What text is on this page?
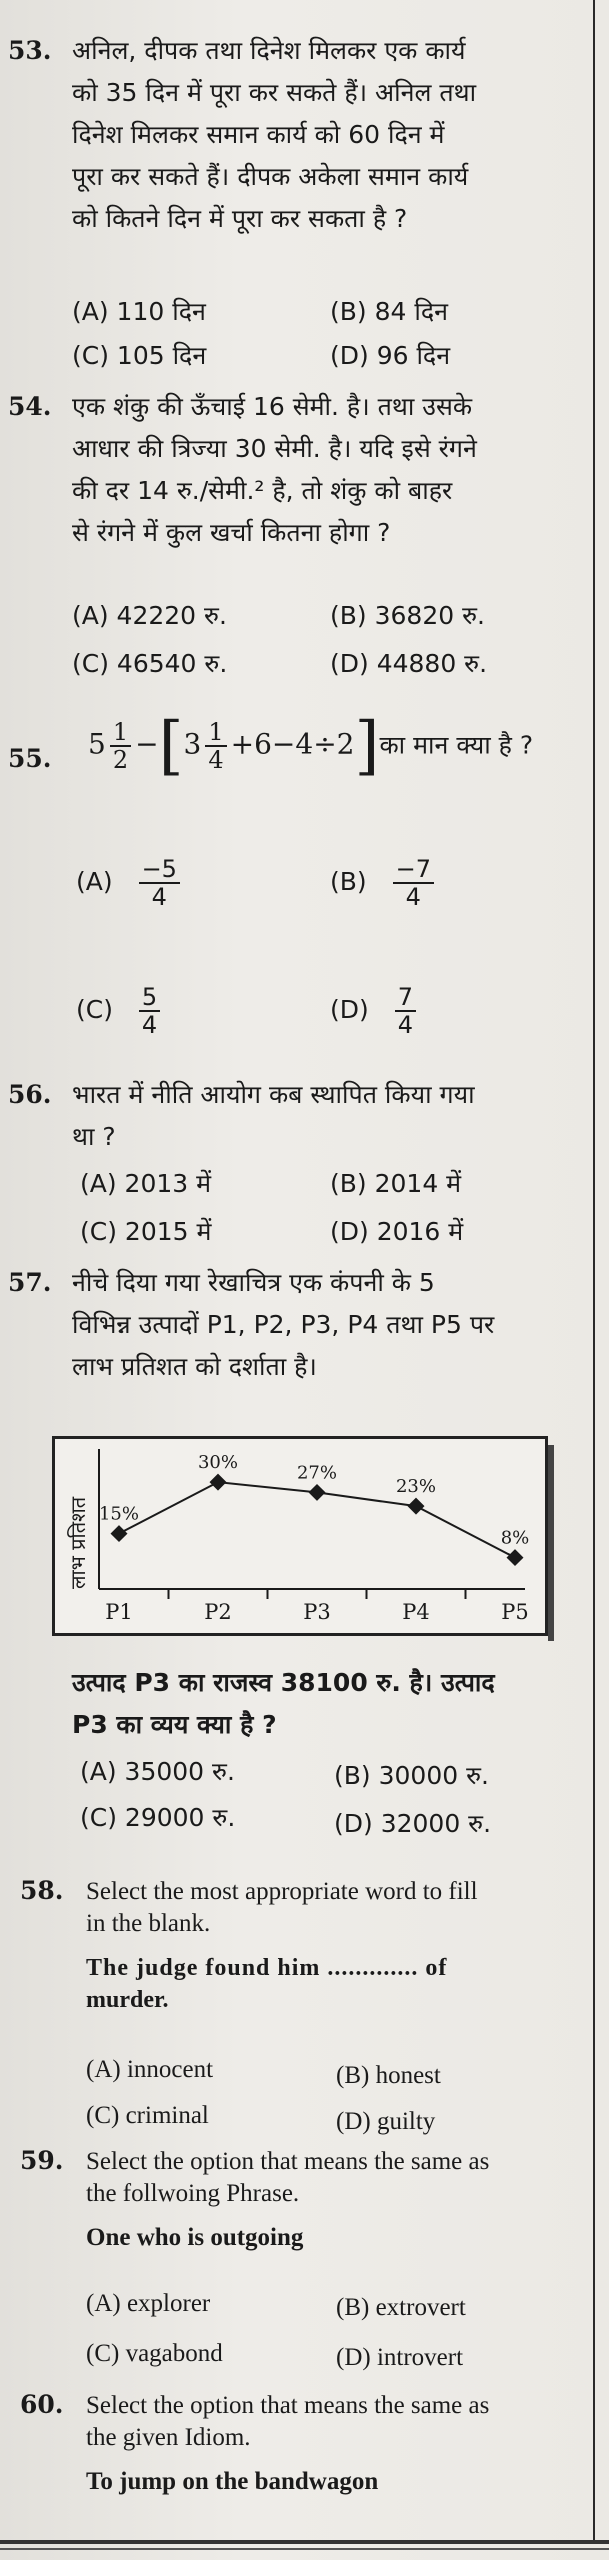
53. अनिल, दीपक तथा दिनेश मिलकर एक कार्य
को 35 दिन में पूरा कर सकते हैं। अनिल तथा
दिनेश मिलकर समान कार्य को 60 दिन में
पूरा कर सकते हैं। दीपक अकेला समान कार्य
को कितने दिन में पूरा कर सकता है ?
(A) 110 दिन	(B) 84 दिन
(C) 105 दिन	(D) 96 दिन
54. एक शंकु की ऊँचाई 16 सेमी. है। तथा उसके
आधार की त्रिज्या 30 सेमी. है। यदि इसे रंगने
की दर 14 रु./सेमी.² है, तो शंकु को बाहर
से रंगने में कुल खर्चा कितना होगा ?
(A) 42220 रु.	(B) 36820 रु.
(C) 46540 रु.	(D) 44880 रु.
55. $5 \frac{1}{2} -[3 \frac{1}{4}$ +6−4÷2]का मान क्या है ?
$(A) \frac{-5}{4}$	$(B) \frac{-7}{4}$
$(C) \frac{5}{4}$	$(D) \frac{7}{4}$
56. भारत में नीति आयोग कब स्थापित किया गया
था ?
(A) 2013 में	(B) 2014 में
(C) 2015 में	(D) 2016 में
57. नीचे दिया गया रेखाचित्र एक कंपनी के 5
विभिन्न उत्पादों P1, P2, P3, P4 तथा P5 पर
लाभ प्रतिशत को दर्शाता है।
लाभ प्रतिशत 15%
30%	27%
23%
8%
P1	P2	P3	P4	P5
उत्पाद P3 का राजस्व 38100 रु. है। उत्पाद
P3 का व्यय क्या है ?
(A) 35000 रु.	(B) 30000 रु.
(C) 29000 रु.	(D) 32000 रु.
58. Select the most appropriate word to fill
in the blank.
The judge found him ............. of
murder.
(A) innocent	(B) honest
(C) criminal	(D) guilty
59. Select the option that means the same as
the follwoing Phrase.
One who is outgoing
(A) explorer	(B) extrovert
(C) vagabond	(D) introvert
60. Select the option that means the same as
the given Idiom.
To jump on the bandwagon
